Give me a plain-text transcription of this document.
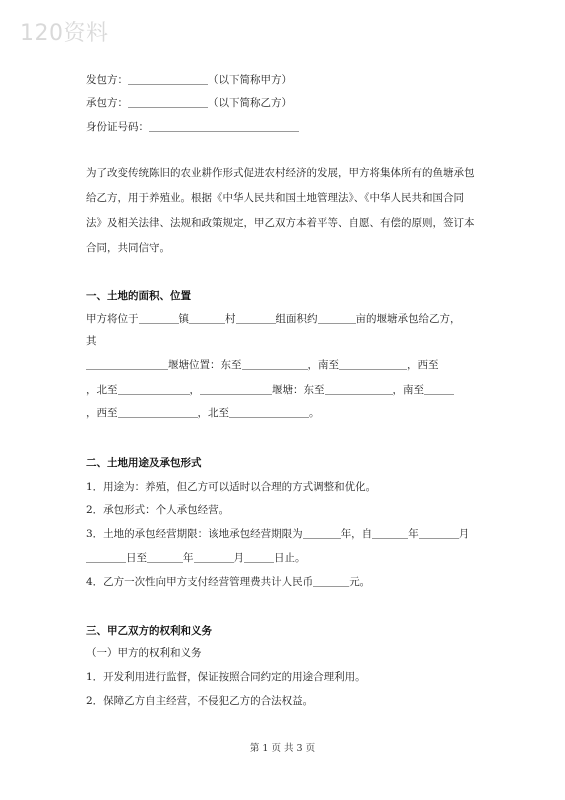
120资料
发包方：	（以下简称甲方）
承包方：	（以下简称乙方）
身份证号码：
为了改变传统陈旧的农业耕作形式促进农村经济的发展，甲方将集体所有的鱼塘承包
给乙方，用于养殖业。根据《中华人民共和国土地管理法》、《中华人民共和国合同
法》及相关法律、法规和政策规定，甲乙双方本着平等、自愿、有偿的原则，签订本
合同，共同信守。
一、土地的面积、位置
甲方将位于	镇	村	组面积约	亩的堰塘承包给乙方，
其
堰塘位置：东至	，南至	，西至
，北至	，	堰塘：东至	，南至
，西至	，北至	。
二、土地用途及承包形式
1．用途为：养殖，但乙方可以适时以合理的方式调整和优化。
2．承包形式：个人承包经营。
3．土地的承包经营期限：该地承包经营期限为	年，自	年	月
日至	年	月	日止。
4．乙方一次性向甲方支付经营管理费共计人民币	元。
三、甲乙双方的权利和义务
（一）甲方的权利和义务
1．开发利用进行监督，保证按照合同约定的用途合理利用。
2．保障乙方自主经营，不侵犯乙方的合法权益。
第 1 页 共 3 页
